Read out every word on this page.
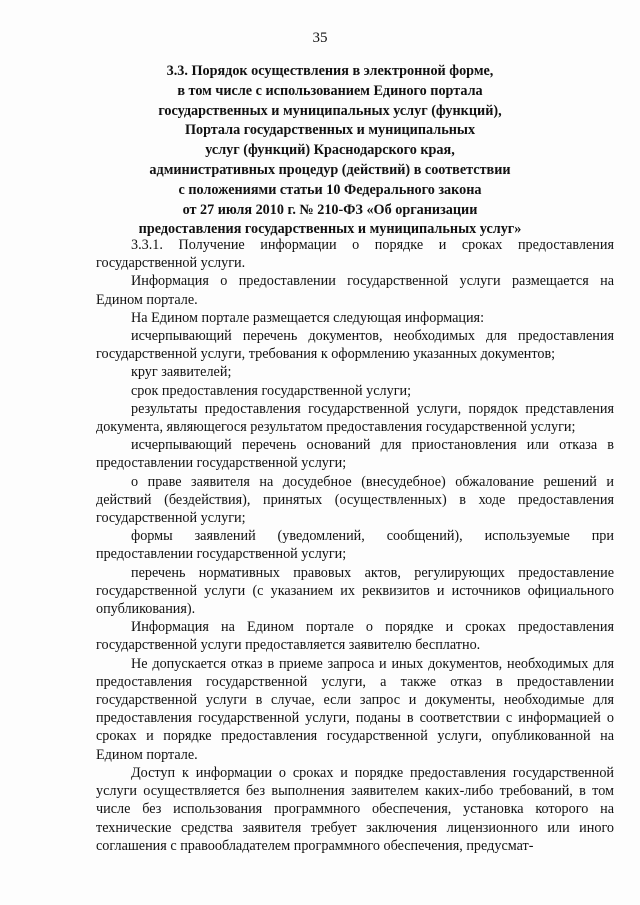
35
3.3. Порядок осуществления в электронной форме,
в том числе с использованием Единого портала
государственных и муниципальных услуг (функций),
Портала государственных и муниципальных
услуг (функций) Краснодарского края,
административных процедур (действий) в соответствии
с положениями статьи 10 Федерального закона
от 27 июля 2010 г. № 210-ФЗ «Об организации
предоставления государственных и муниципальных услуг»

3.3.1. Получение информации о порядке и сроках предоставления государственной услуги.

Информация о предоставлении государственной услуги размещается на Едином портале.

На Едином портале размещается следующая информация:

исчерпывающий перечень документов, необходимых для предоставления государственной услуги, требования к оформлению указанных документов;

круг заявителей;

срок предоставления государственной услуги;

результаты предоставления государственной услуги, порядок представления документа, являющегося результатом предоставления государственной услуги;

исчерпывающий перечень оснований для приостановления или отказа в предоставлении государственной услуги;

о праве заявителя на досудебное (внесудебное) обжалование решений и действий (бездействия), принятых (осуществленных) в ходе предоставления государственной услуги;

формы заявлений (уведомлений, сообщений), используемые при предоставлении государственной услуги;

перечень нормативных правовых актов, регулирующих предоставление государственной услуги (с указанием их реквизитов и источников официального опубликования).

Информация на Едином портале о порядке и сроках предоставления государственной услуги предоставляется заявителю бесплатно.

Не допускается отказ в приеме запроса и иных документов, необходимых для предоставления государственной услуги, а также отказ в предоставлении государственной услуги в случае, если запрос и документы, необходимые для предоставления государственной услуги, поданы в соответствии с информацией о сроках и порядке предоставления государственной услуги, опубликованной на Едином портале.

Доступ к информации о сроках и порядке предоставления государственной услуги осуществляется без выполнения заявителем каких-либо требований, в том числе без использования программного обеспечения, установка которого на технические средства заявителя требует заключения лицензионного или иного соглашения с правообладателем программного обеспечения, предусмат-
